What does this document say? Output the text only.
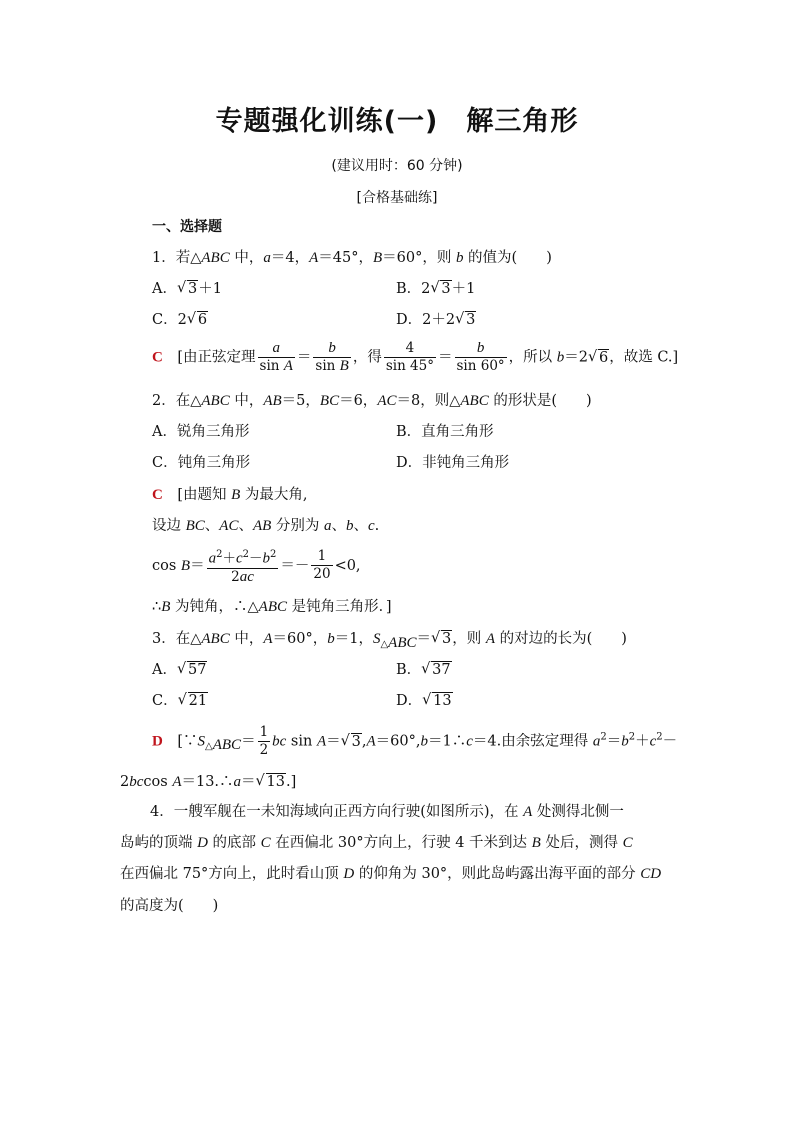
专题强化训练(一)　解三角形
(建议用时：60 分钟)
[合格基础练]
一、选择题
1．若△ABC 中，a＝4，A＝45°，B＝60°，则 b 的值为(　　)
A．√ 3＋1	B．2√ 3＋1
C．2√ 6	D．2＋2√ 3
C　[由正弦定理 $\frac{a}{\text{sin A}} = \frac{b}{\text{sin B}}$ ，得 $\frac{4}{\sin 45^\circ} = \frac{b}{\sin 60^\circ}$ ，所以 b＝2√ 6，故选 C.]
2．在△ABC 中，AB＝5，BC＝6，AC＝8，则△ABC 的形状是(　　)
A．锐角三角形	B．直角三角形
C．钝角三角形	D．非钝角三角形
C　[由题知 B 为最大角,
设边 BC、AC、AB 分别为 a、b、c.
$\cos B= \frac{a^2+c^2-b^2}{2ac} =- \frac{1}{20} <0$,
∴B 为钝角，∴△ABC 是钝角三角形．]
3．在△ABC 中，A＝60°，b＝1，$S_{\triangle ABC}=√$ 3，则 A 的对边的长为(　　)
A．√ 57	B．√ 37
C．√ 21	D．√ 13
D　[$\because S_{\triangle ABC}= \frac{1}{2}$ bc sin A＝√ 3,A＝60°,b＝1∴c＝4.由余弦定理得 $a^2=b^2+c^2-$
2bccos A＝13.∴a＝√ 13.]
4．一艘军舰在一未知海域向正西方向行驶(如图所示)，在 A 处测得北侧一
岛屿的顶端 D 的底部 C 在西偏北 30°方向上，行驶 4 千米到达 B 处后，测得 C
在西偏北 75°方向上，此时看山顶 D 的仰角为 30°，则此岛屿露出海平面的部分 CD
的高度为(　　)
